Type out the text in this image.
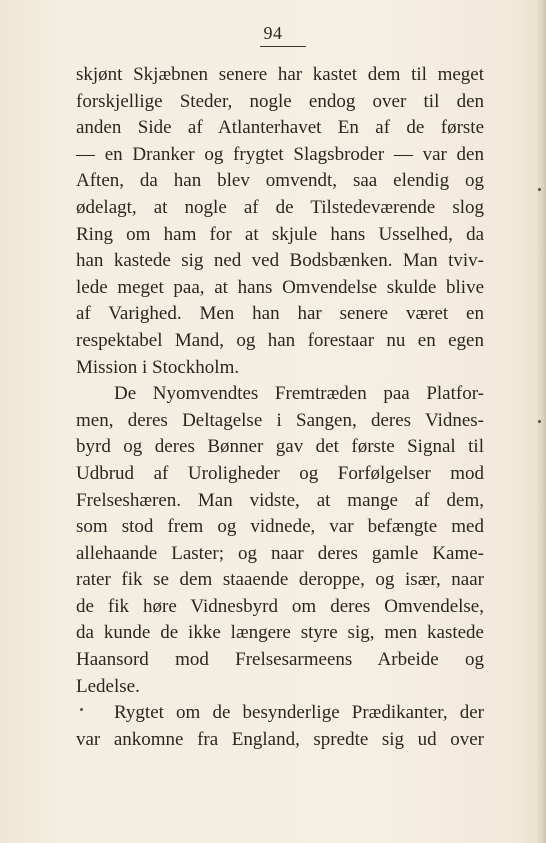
94
skjønt Skjæbnen senere har kastet dem til meget
forskjellige Steder, nogle endog over til den
anden Side af Atlanterhavet En af de første
— en Dranker og frygtet Slagsbroder — var den
Aften, da han blev omvendt, saa elendig og
ødelagt, at nogle af de Tilstedeværende slog
Ring om ham for at skjule hans Usselhed, da
han kastede sig ned ved Bodsbænken. Man tviv-
lede meget paa, at hans Omvendelse skulde blive
af Varighed. Men han har senere været en
respektabel Mand, og han forestaar nu en egen
Mission i Stockholm.
De Nyomvendtes Fremtræden paa Platfor-
men, deres Deltagelse i Sangen, deres Vidnes-
byrd og deres Bønner gav det første Signal til
Udbrud af Uroligheder og Forfølgelser mod
Frelseshæren. Man vidste, at mange af dem,
som stod frem og vidnede, var befængte med
allehaande Laster; og naar deres gamle Kame-
rater fik se dem staaende deroppe, og især, naar
de fik høre Vidnesbyrd om deres Omvendelse,
da kunde de ikke længere styre sig, men kastede
Haansord mod Frelsesarmeens Arbeide og
Ledelse.
Rygtet om de besynderlige Prædikanter, der
var ankomne fra England, spredte sig ud over
